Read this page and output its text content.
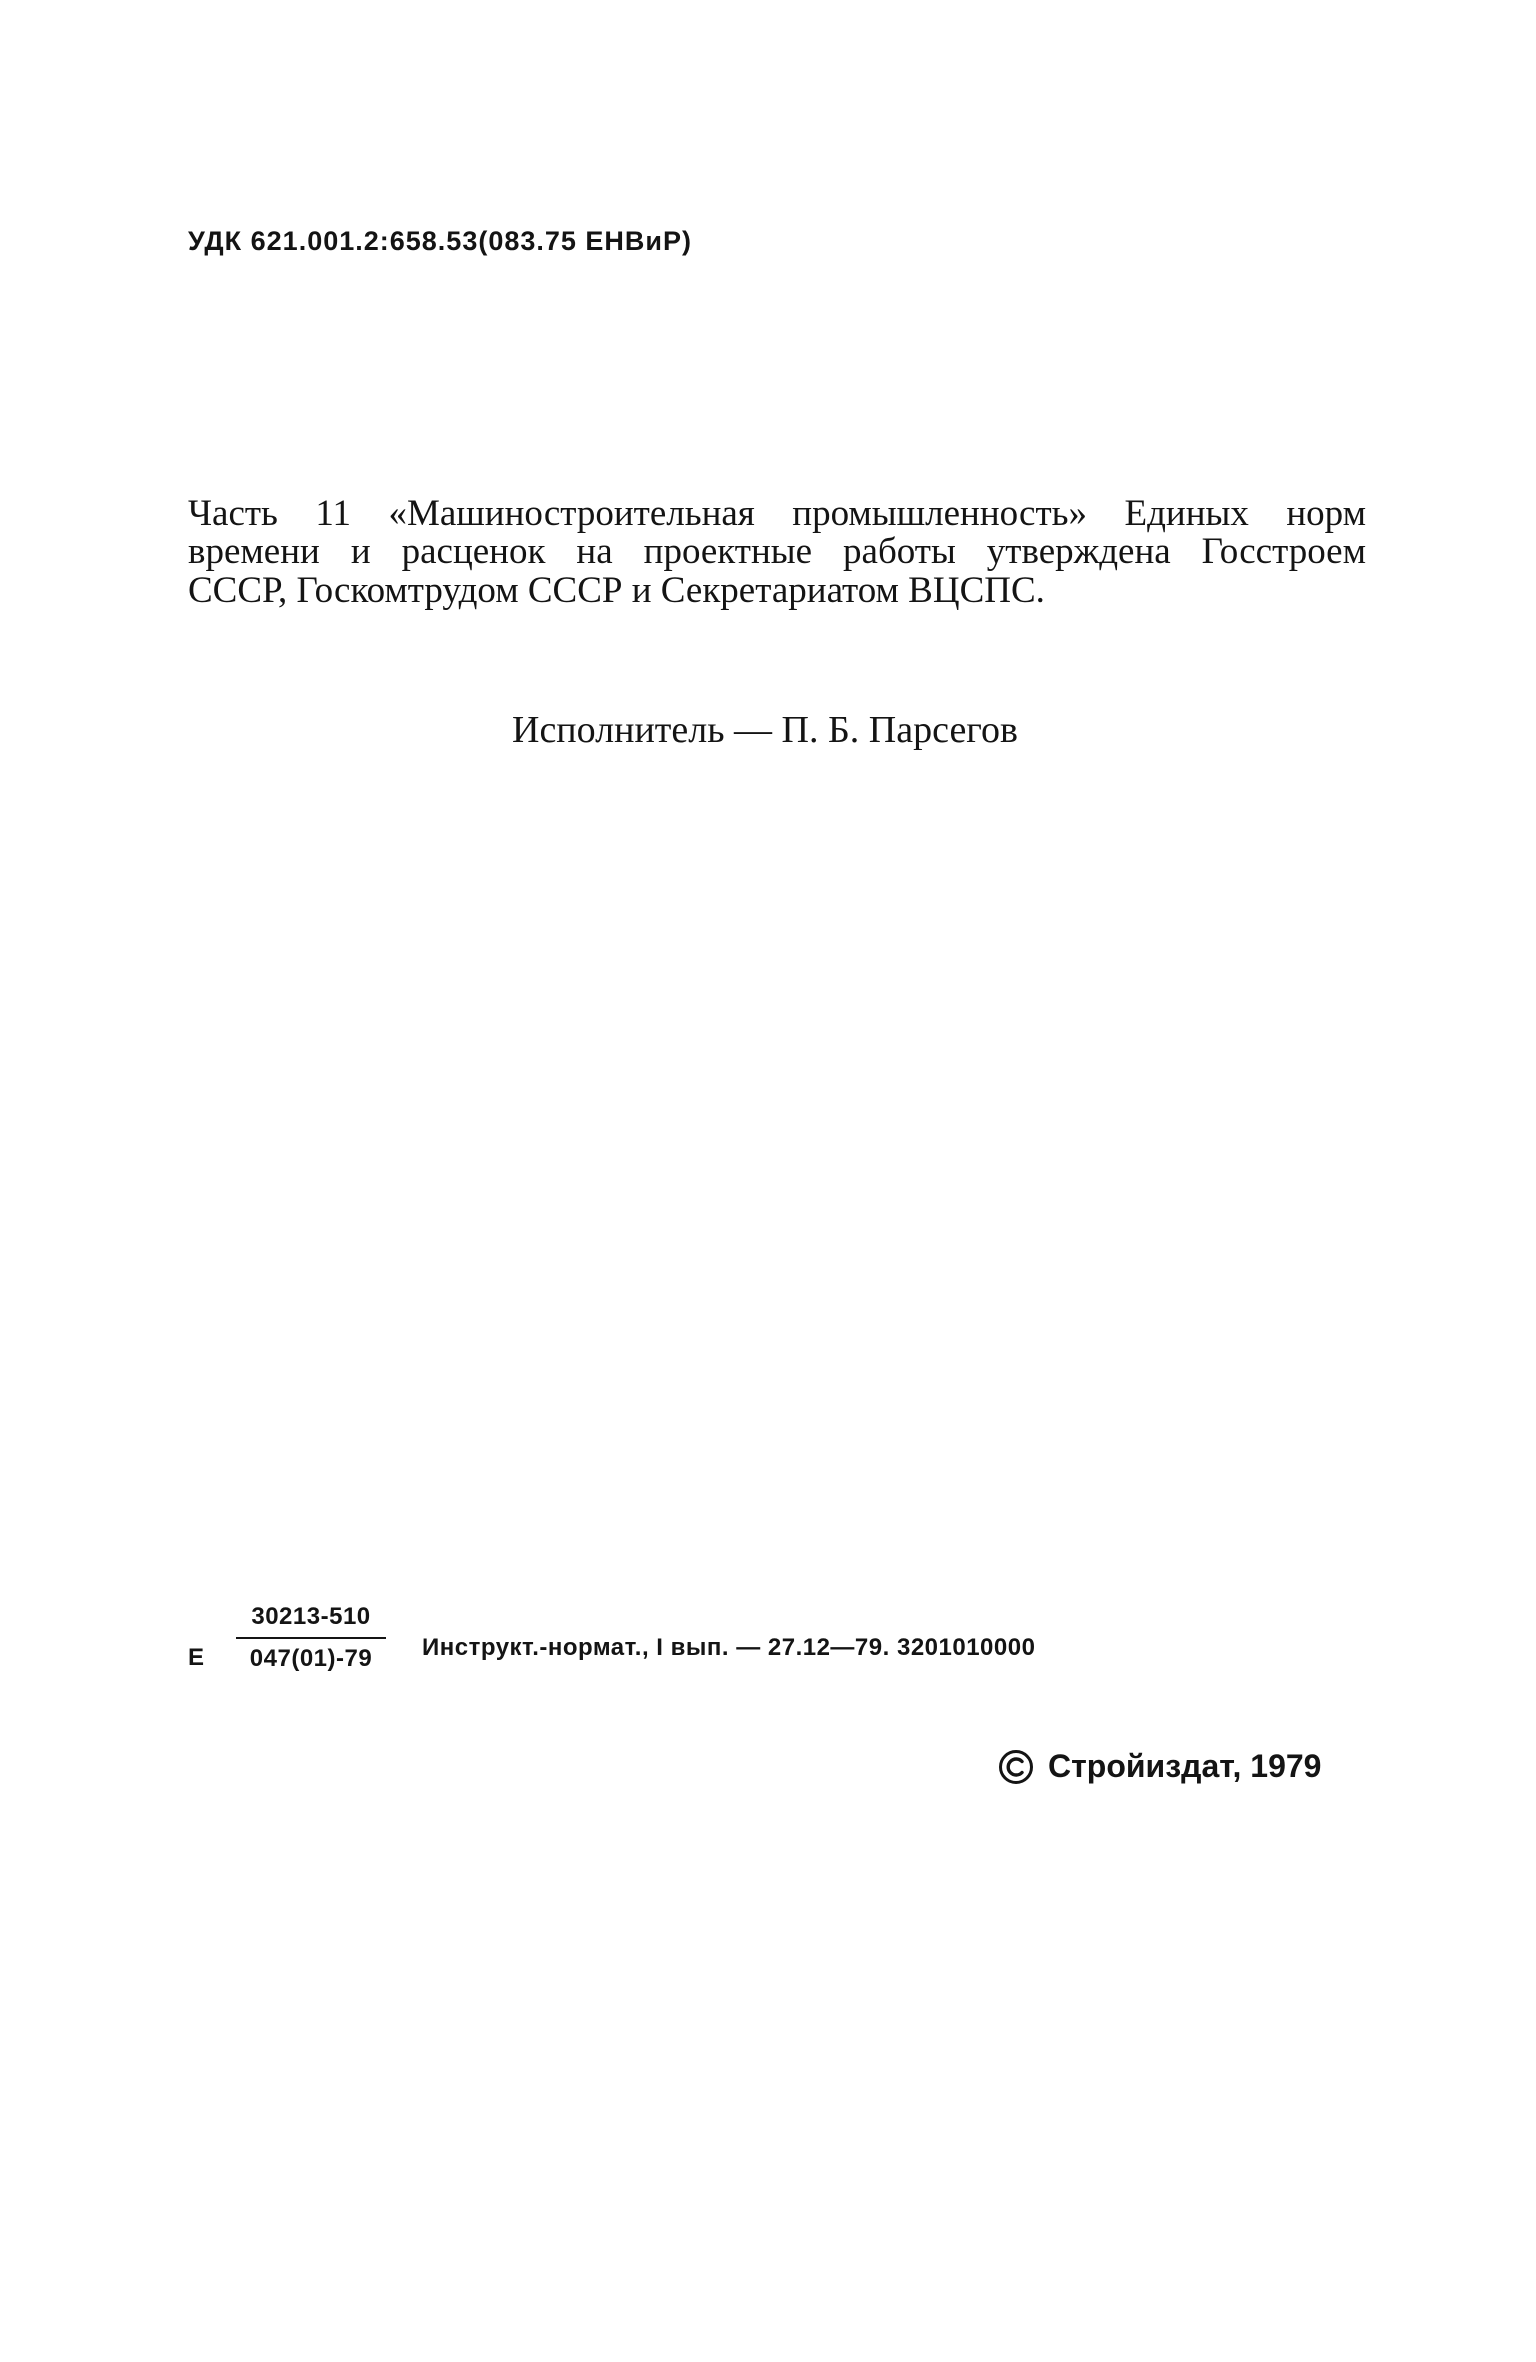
УДК 621.001.2:658.53(083.75 ЕНВиР)
Часть 11 «Машиностроительная промышленность» Единых норм
времени и расценок на проектные работы утверждена Госстроем
СССР, Госкомтрудом СССР и Секретариатом ВЦСПС.
Исполнитель — П. Б. Парсегов
Е
30213-510
047(01)-79	Инструкт.-нормат., I вып. — 27.12—79. 3201010000
Стройиздат, 1979
